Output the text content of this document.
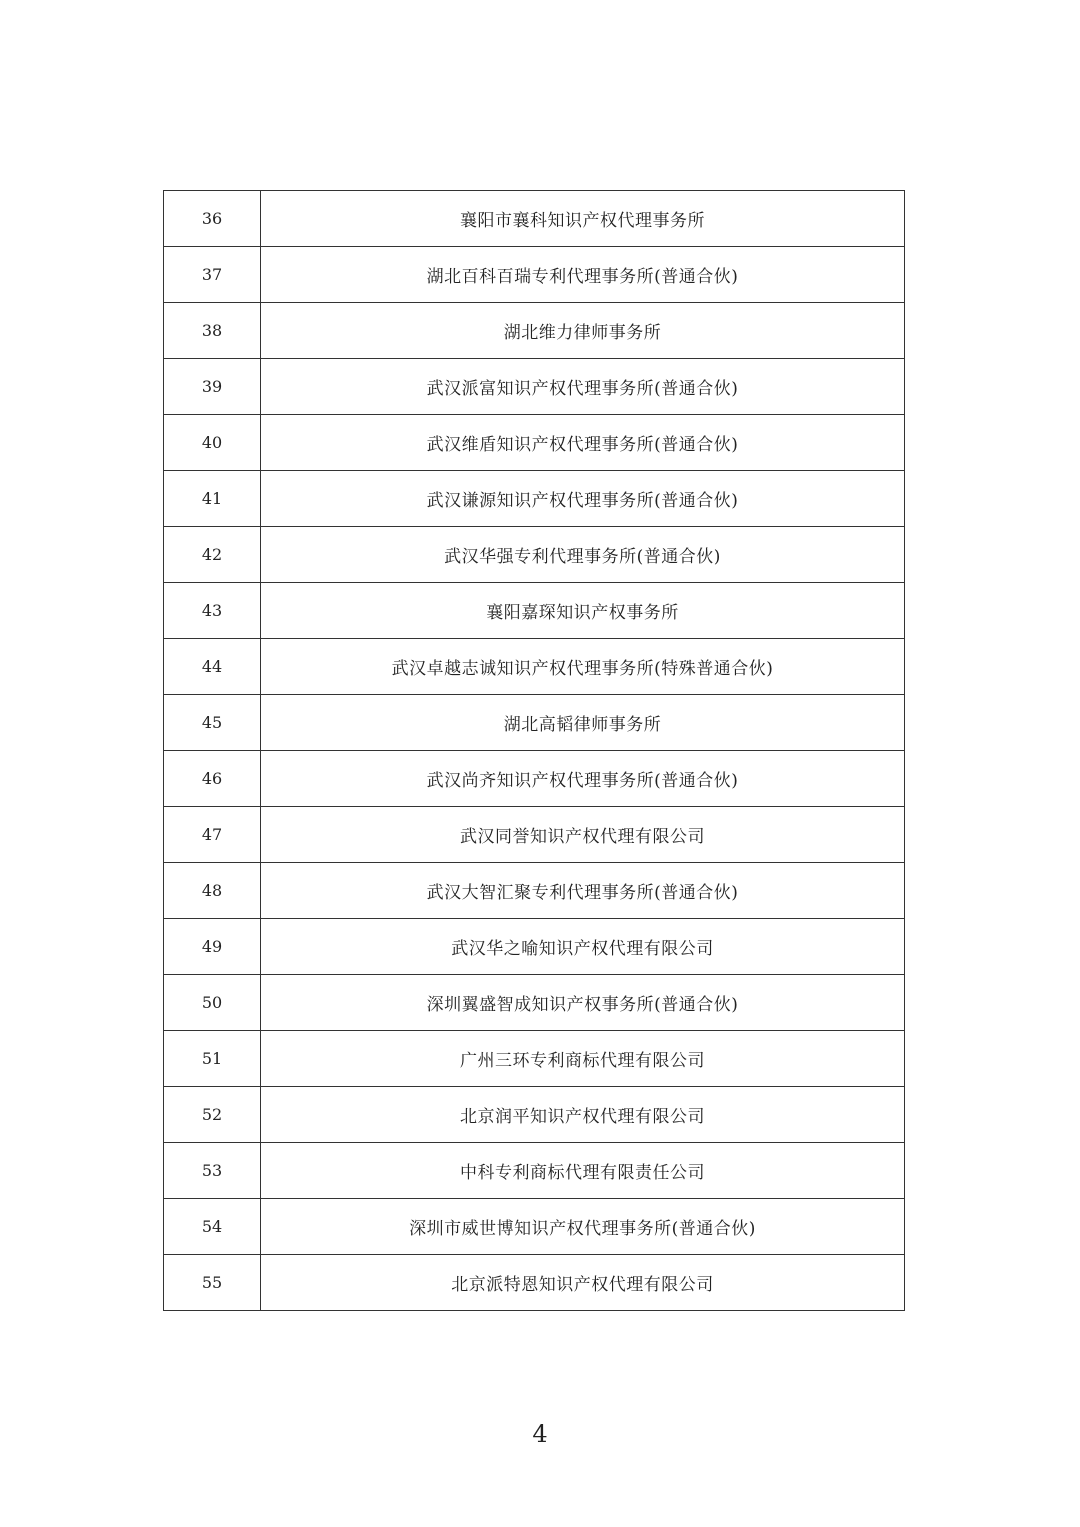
36	襄阳市襄科知识产权代理事务所
37	湖北百科百瑞专利代理事务所(普通合伙)
38	湖北维力律师事务所
39	武汉派富知识产权代理事务所(普通合伙)
40	武汉维盾知识产权代理事务所(普通合伙)
41	武汉谦源知识产权代理事务所(普通合伙)
42	武汉华强专利代理事务所(普通合伙)
43	襄阳嘉琛知识产权事务所
44	武汉卓越志诚知识产权代理事务所(特殊普通合伙)
45	湖北高韬律师事务所
46	武汉尚齐知识产权代理事务所(普通合伙)
47	武汉同誉知识产权代理有限公司
48	武汉大智汇聚专利代理事务所(普通合伙)
49	武汉华之喻知识产权代理有限公司
50	深圳翼盛智成知识产权事务所(普通合伙)
51	广州三环专利商标代理有限公司
52	北京润平知识产权代理有限公司
53	中科专利商标代理有限责任公司
54	深圳市威世博知识产权代理事务所(普通合伙)
55	北京派特恩知识产权代理有限公司
4
